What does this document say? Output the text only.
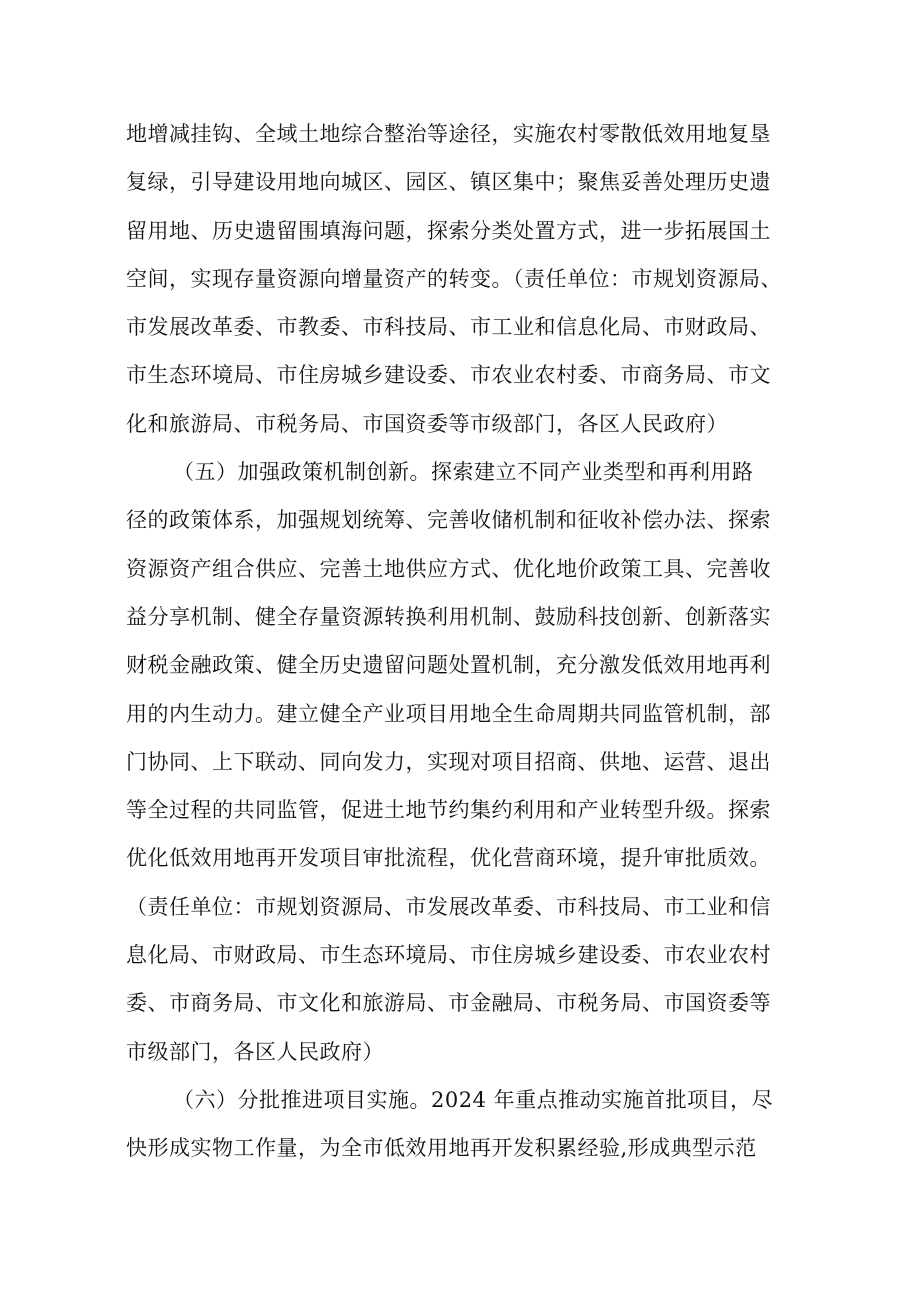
地增减挂钩、全域土地综合整治等途径，实施农村零散低效用地复垦
复绿，引导建设用地向城区、园区、镇区集中；聚焦妥善处理历史遗
留用地、历史遗留围填海问题，探索分类处置方式，进一步拓展国土
空间，实现存量资源向增量资产的转变。（责任单位：市规划资源局、
市发展改革委、市教委、市科技局、市工业和信息化局、市财政局、
市生态环境局、市住房城乡建设委、市农业农村委、市商务局、市文
化和旅游局、市税务局、市国资委等市级部门，各区人民政府）
（五）加强政策机制创新。探索建立不同产业类型和再利用路
径的政策体系，加强规划统筹、完善收储机制和征收补偿办法、探索
资源资产组合供应、完善土地供应方式、优化地价政策工具、完善收
益分享机制、健全存量资源转换利用机制、鼓励科技创新、创新落实
财税金融政策、健全历史遗留问题处置机制，充分激发低效用地再利
用的内生动力。建立健全产业项目用地全生命周期共同监管机制，部
门协同、上下联动、同向发力，实现对项目招商、供地、运营、退出
等全过程的共同监管，促进土地节约集约利用和产业转型升级。探索
优化低效用地再开发项目审批流程，优化营商环境，提升审批质效。
（责任单位：市规划资源局、市发展改革委、市科技局、市工业和信
息化局、市财政局、市生态环境局、市住房城乡建设委、市农业农村
委、市商务局、市文化和旅游局、市金融局、市税务局、市国资委等
市级部门，各区人民政府）
（六）分批推进项目实施。2024 年重点推动实施首批项目，尽
快形成实物工作量，为全市低效用地再开发积累经验,形成典型示范
